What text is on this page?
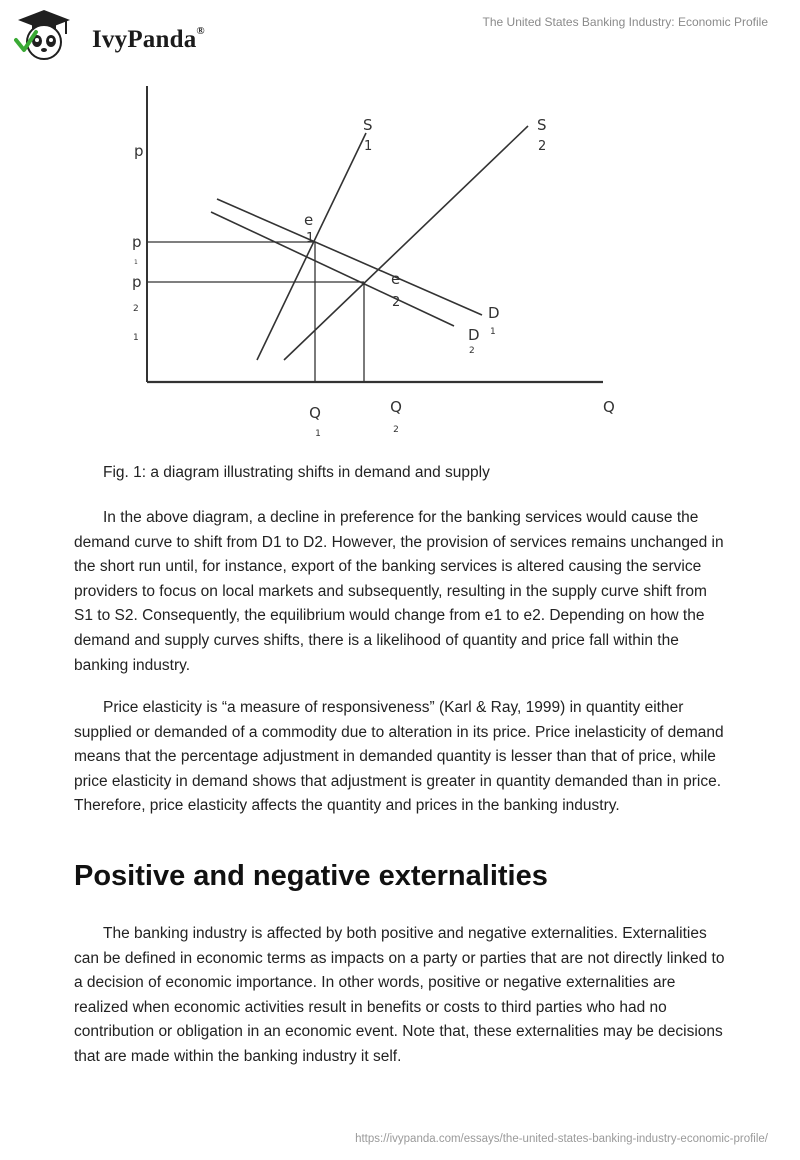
IvyPanda®
The United States Banking Industry: Economic Profile
p
Q
S
1
S
2
D
1
D
2
e
1
e
2
p
1
p
2
1
Q
1
Q
2
Fig. 1: a diagram illustrating shifts in demand and supply

In the above diagram, a decline in preference for the banking services would cause the demand curve to shift from D1 to D2. However, the provision of services remains unchanged in the short run until, for instance, export of the banking services is altered causing the service providers to focus on local markets and subsequently, resulting in the supply curve shift from S1 to S2. Consequently, the equilibrium would change from e1 to e2. Depending on how the demand and supply curves shifts, there is a likelihood of quantity and price fall within the banking industry.

Price elasticity is “a measure of responsiveness” (Karl & Ray, 1999) in quantity either supplied or demanded of a commodity due to alteration in its price. Price inelasticity of demand means that the percentage adjustment in demanded quantity is lesser than that of price, while price elasticity in demand shows that adjustment is greater in quantity demanded than in price. Therefore, price elasticity affects the quantity and prices in the banking industry.

Positive and negative externalities

The banking industry is affected by both positive and negative externalities. Externalities can be defined in economic terms as impacts on a party or parties that are not directly linked to a decision of economic importance. In other words, positive or negative externalities are realized when economic activities result in benefits or costs to third parties who had no contribution or obligation in an economic event. Note that, these externalities may be decisions that are made within the banking industry it self.

https://ivypanda.com/essays/the-united-states-banking-industry-economic-profile/
